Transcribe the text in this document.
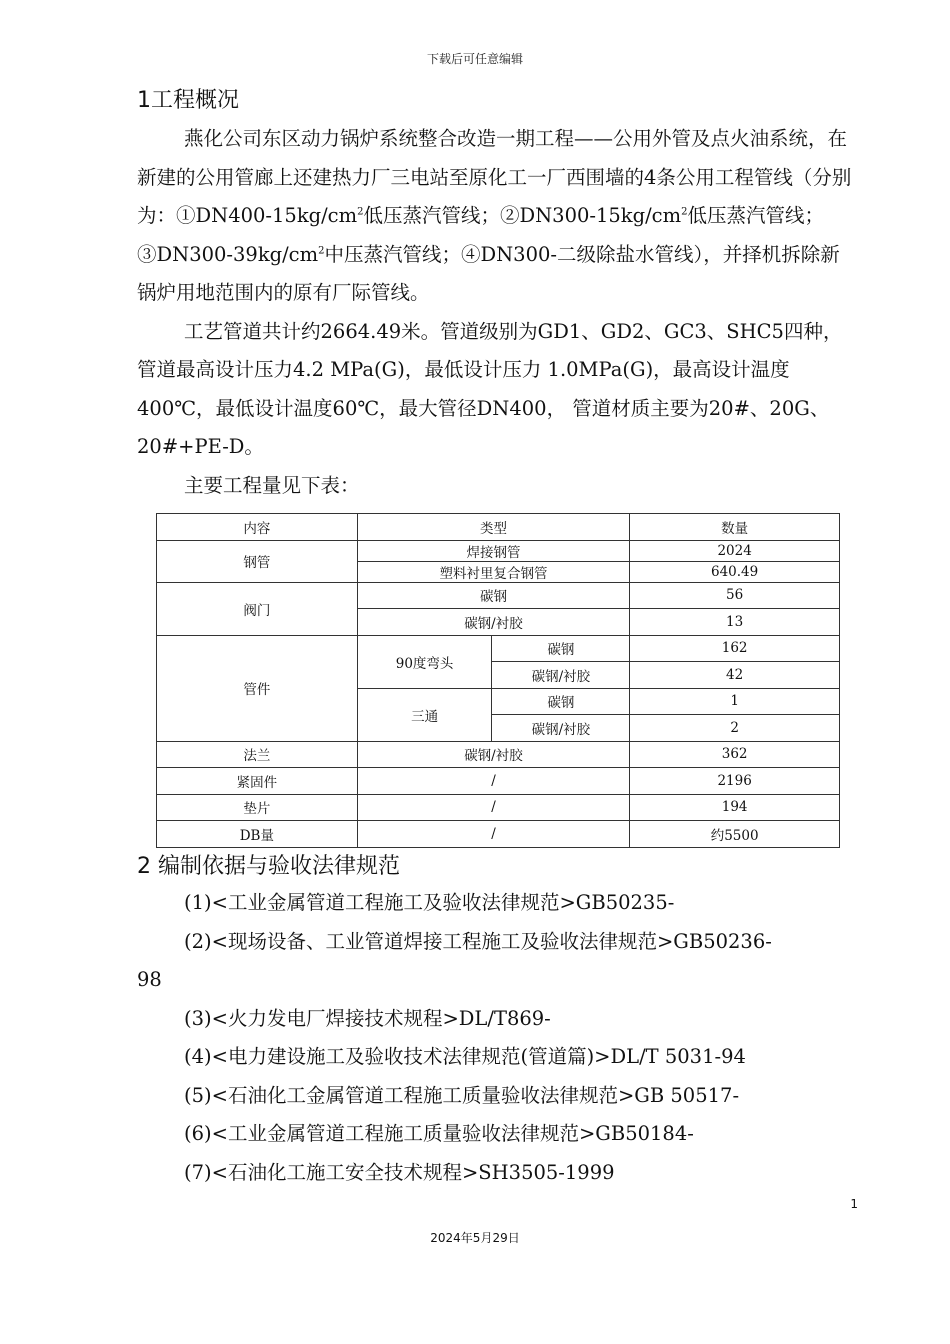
下载后可任意编辑
1工程概况

燕化公司东区动力锅炉系统整合改造一期工程——公用外管及点火油系统，在新建的公用管廊上还建热力厂三电站至原化工一厂西围墙的4条公用工程管线（分别为：$①DN400-15kg/cm^2$低压蒸汽管线；$②DN300-15kg/cm^2$低压蒸汽管线；$③DN300-39kg/cm^2$中压蒸汽管线；④DN300-二级除盐水管线），并择机拆除新锅炉用地范围内的原有厂际管线。

工艺管道共计约2664.49米。管道级别为GD1、GD2、GC3、SHC5四种，管道最高设计压力4.2 MPa(G)，最低设计压力 1.0MPa(G)，最高设计温度400℃，最低设计温度60℃，最大管径DN400， 管道材质主要为20#、20G、20#+PE-D。

主要工程量见下表：

内容	类型		数量
钢管	焊接钢管		2024
	塑料衬里复合钢管		640.49
阀门	碳钢		56
	碳钢/衬胶		13
管件	90度弯头	碳钢	162
		碳钢/衬胶	42
	三通	碳钢	1
		碳钢/衬胶	2
法兰	碳钢/衬胶		362
紧固件	/		2196
垫片	/		194
DB量	/		约5500
2 编制依据与验收法律规范

(1)<工业金属管道工程施工及验收法律规范>GB50235-

(2)<现场设备、工业管道焊接工程施工及验收法律规范>GB50236-

98

(3)<火力发电厂焊接技术规程>DL/T869-

(4)<电力建设施工及验收技术法律规范(管道篇)>DL/T 5031-94

(5)<石油化工金属管道工程施工质量验收法律规范>GB 50517-

(6)<工业金属管道工程施工质量验收法律规范>GB50184-

(7)<石油化工施工安全技术规程>SH3505-1999

1
2024年5月29日
